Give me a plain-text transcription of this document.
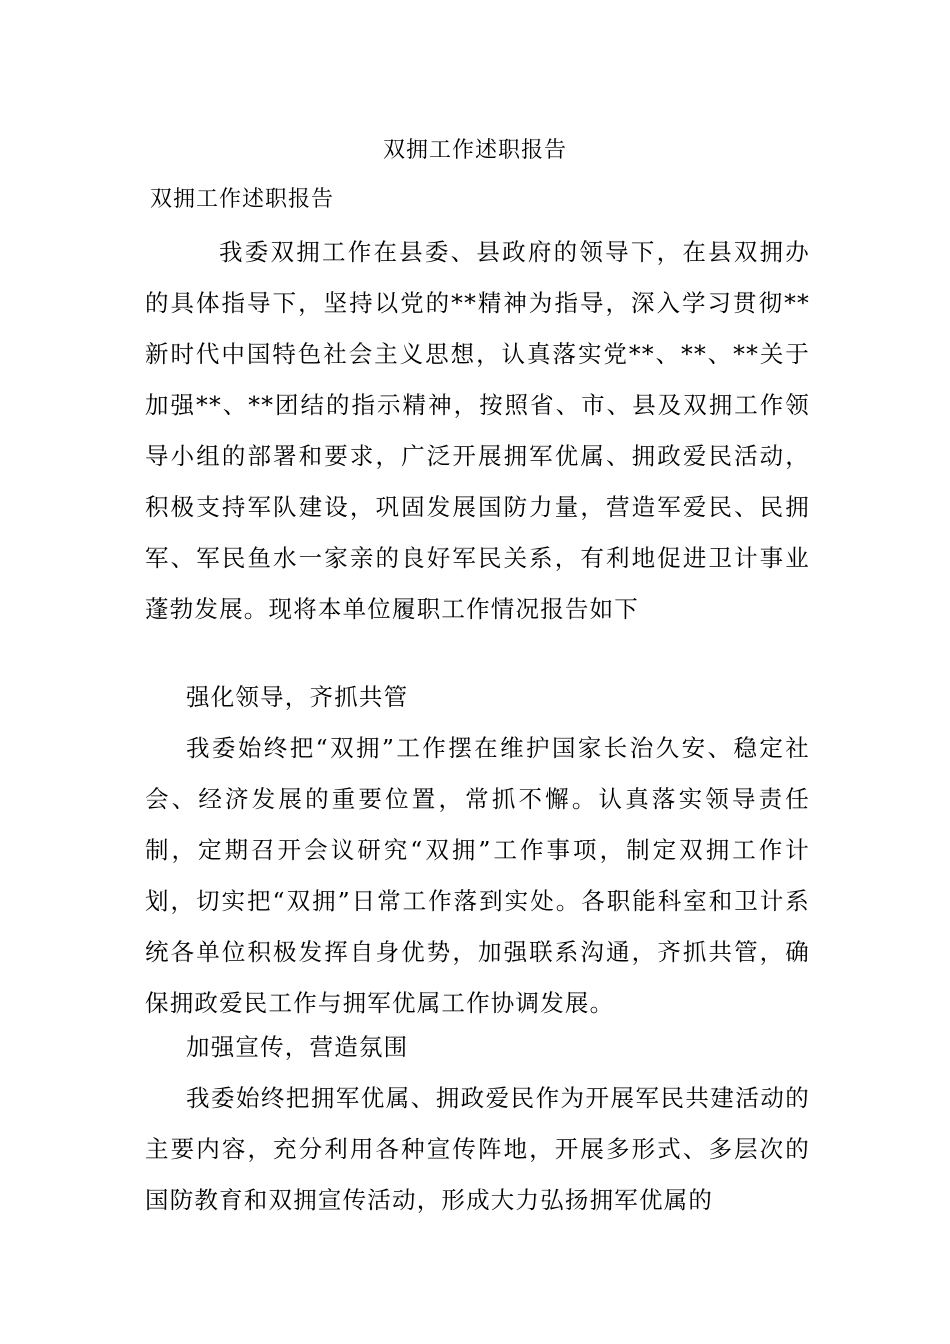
双拥工作述职报告
双拥工作述职报告

我委双拥工作在县委、县政府的领导下，在县双拥办的具体指导下，坚持以党的**精神为指导，深入学习贯彻**新时代中国特色社会主义思想，认真落实党**、**、**关于加强**、**团结的指示精神，按照省、市、县及双拥工作领导小组的部署和要求，广泛开展拥军优属、拥政爱民活动，积极支持军队建设，巩固发展国防力量，营造军爱民、民拥军、军民鱼水一家亲的良好军民关系，有利地促进卫计事业蓬勃发展。现将本单位履职工作情况报告如下

强化领导，齐抓共管

我委始终把“双拥”工作摆在维护国家长治久安、稳定社会、经济发展的重要位置，常抓不懈。认真落实领导责任制，定期召开会议研究“双拥”工作事项，制定双拥工作计划，切实把“双拥”日常工作落到实处。各职能科室和卫计系统各单位积极发挥自身优势，加强联系沟通，齐抓共管，确保拥政爱民工作与拥军优属工作协调发展。

加强宣传，营造氛围

我委始终把拥军优属、拥政爱民作为开展军民共建活动的主要内容，充分利用各种宣传阵地，开展多形式、多层次的国防教育和双拥宣传活动，形成大力弘扬拥军优属的
